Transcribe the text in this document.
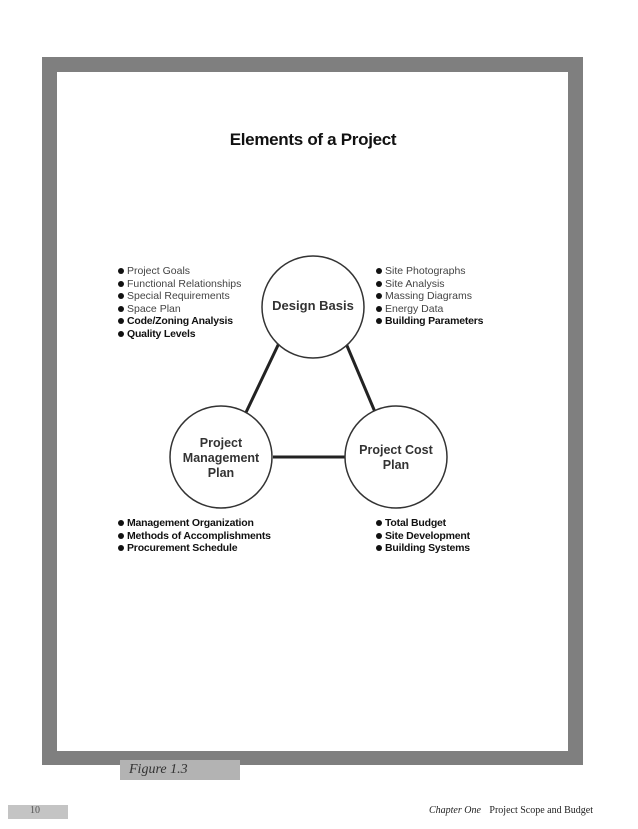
Elements of a Project
Design Basis
Project
Management
Plan
Project Cost
Plan
Project Goals
Functional Relationships
Special Requirements
Space Plan
Code/Zoning Analysis
Quality Levels
Site Photographs
Site Analysis
Massing Diagrams
Energy Data
Building Parameters
Management Organization
Methods of Accomplishments
Procurement Schedule
Total Budget
Site Development
Building Systems
Figure 1.3
10	Chapter One Project Scope and Budget
